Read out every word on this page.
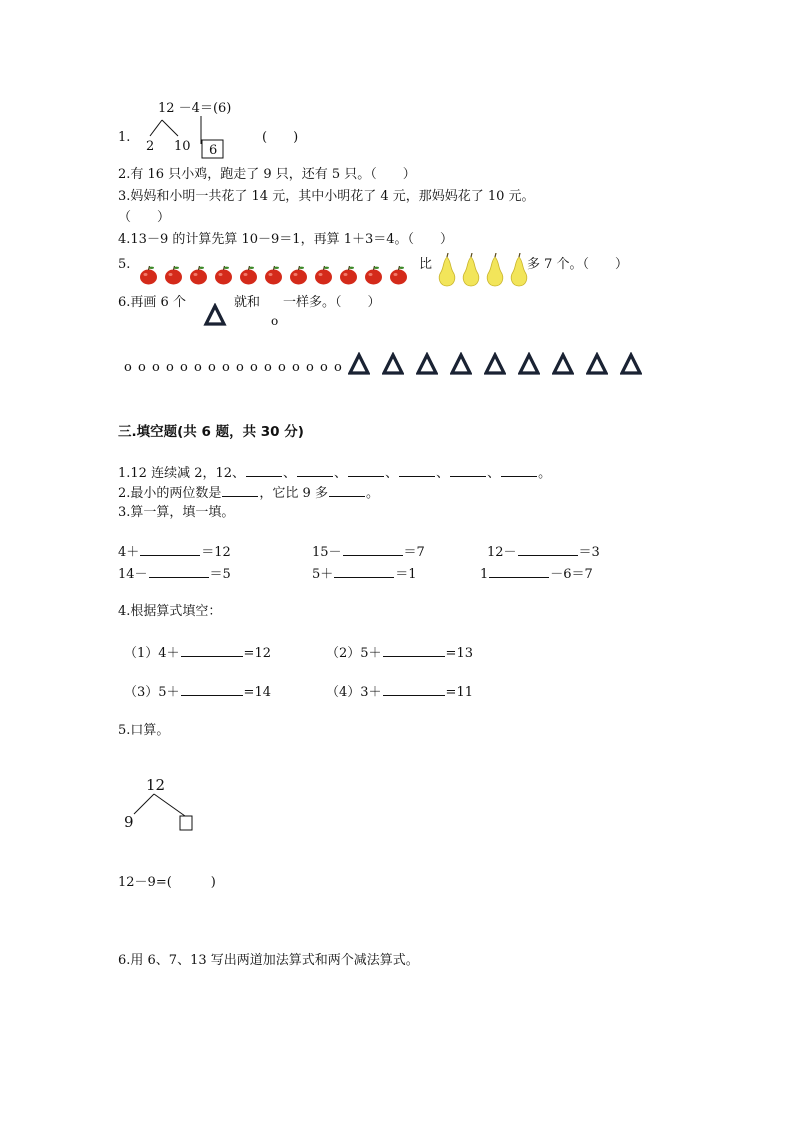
12 －4＝(6)
1.
2 10 6
(　　)
2.有 16 只小鸡，跑走了 9 只，还有 5 只。（　　）
3.妈妈和小明一共花了 14 元，其中小明花了 4 元，那妈妈花了 10 元。
（　　）
4.13－9 的计算先算 10－9＝1，再算 1＋3＝4。（　　）
5.	比	多 7 个。（　　）
6.再画 6 个	就和
o
一样多。（　　）
o o o o o o o o o o o o o o o o
三.填空题(共 6 题，共 30 分)
1.12 连续减 2，12、	、	、	、	、	、	。
2.最小的两位数是	，它比 9 多	。
3.算一算，填一填。
4＋	＝12	15－	＝7	12－	＝3
14－	＝5	5＋	＝1	1	－6＝7
4.根据算式填空：
（1）4＋	=12	（2）5＋	=13
（3）5＋	=14	（4）3＋	=11
5.口算。
12
9
12－9=(　　　)
6.用 6、7、13 写出两道加法算式和两个减法算式。
